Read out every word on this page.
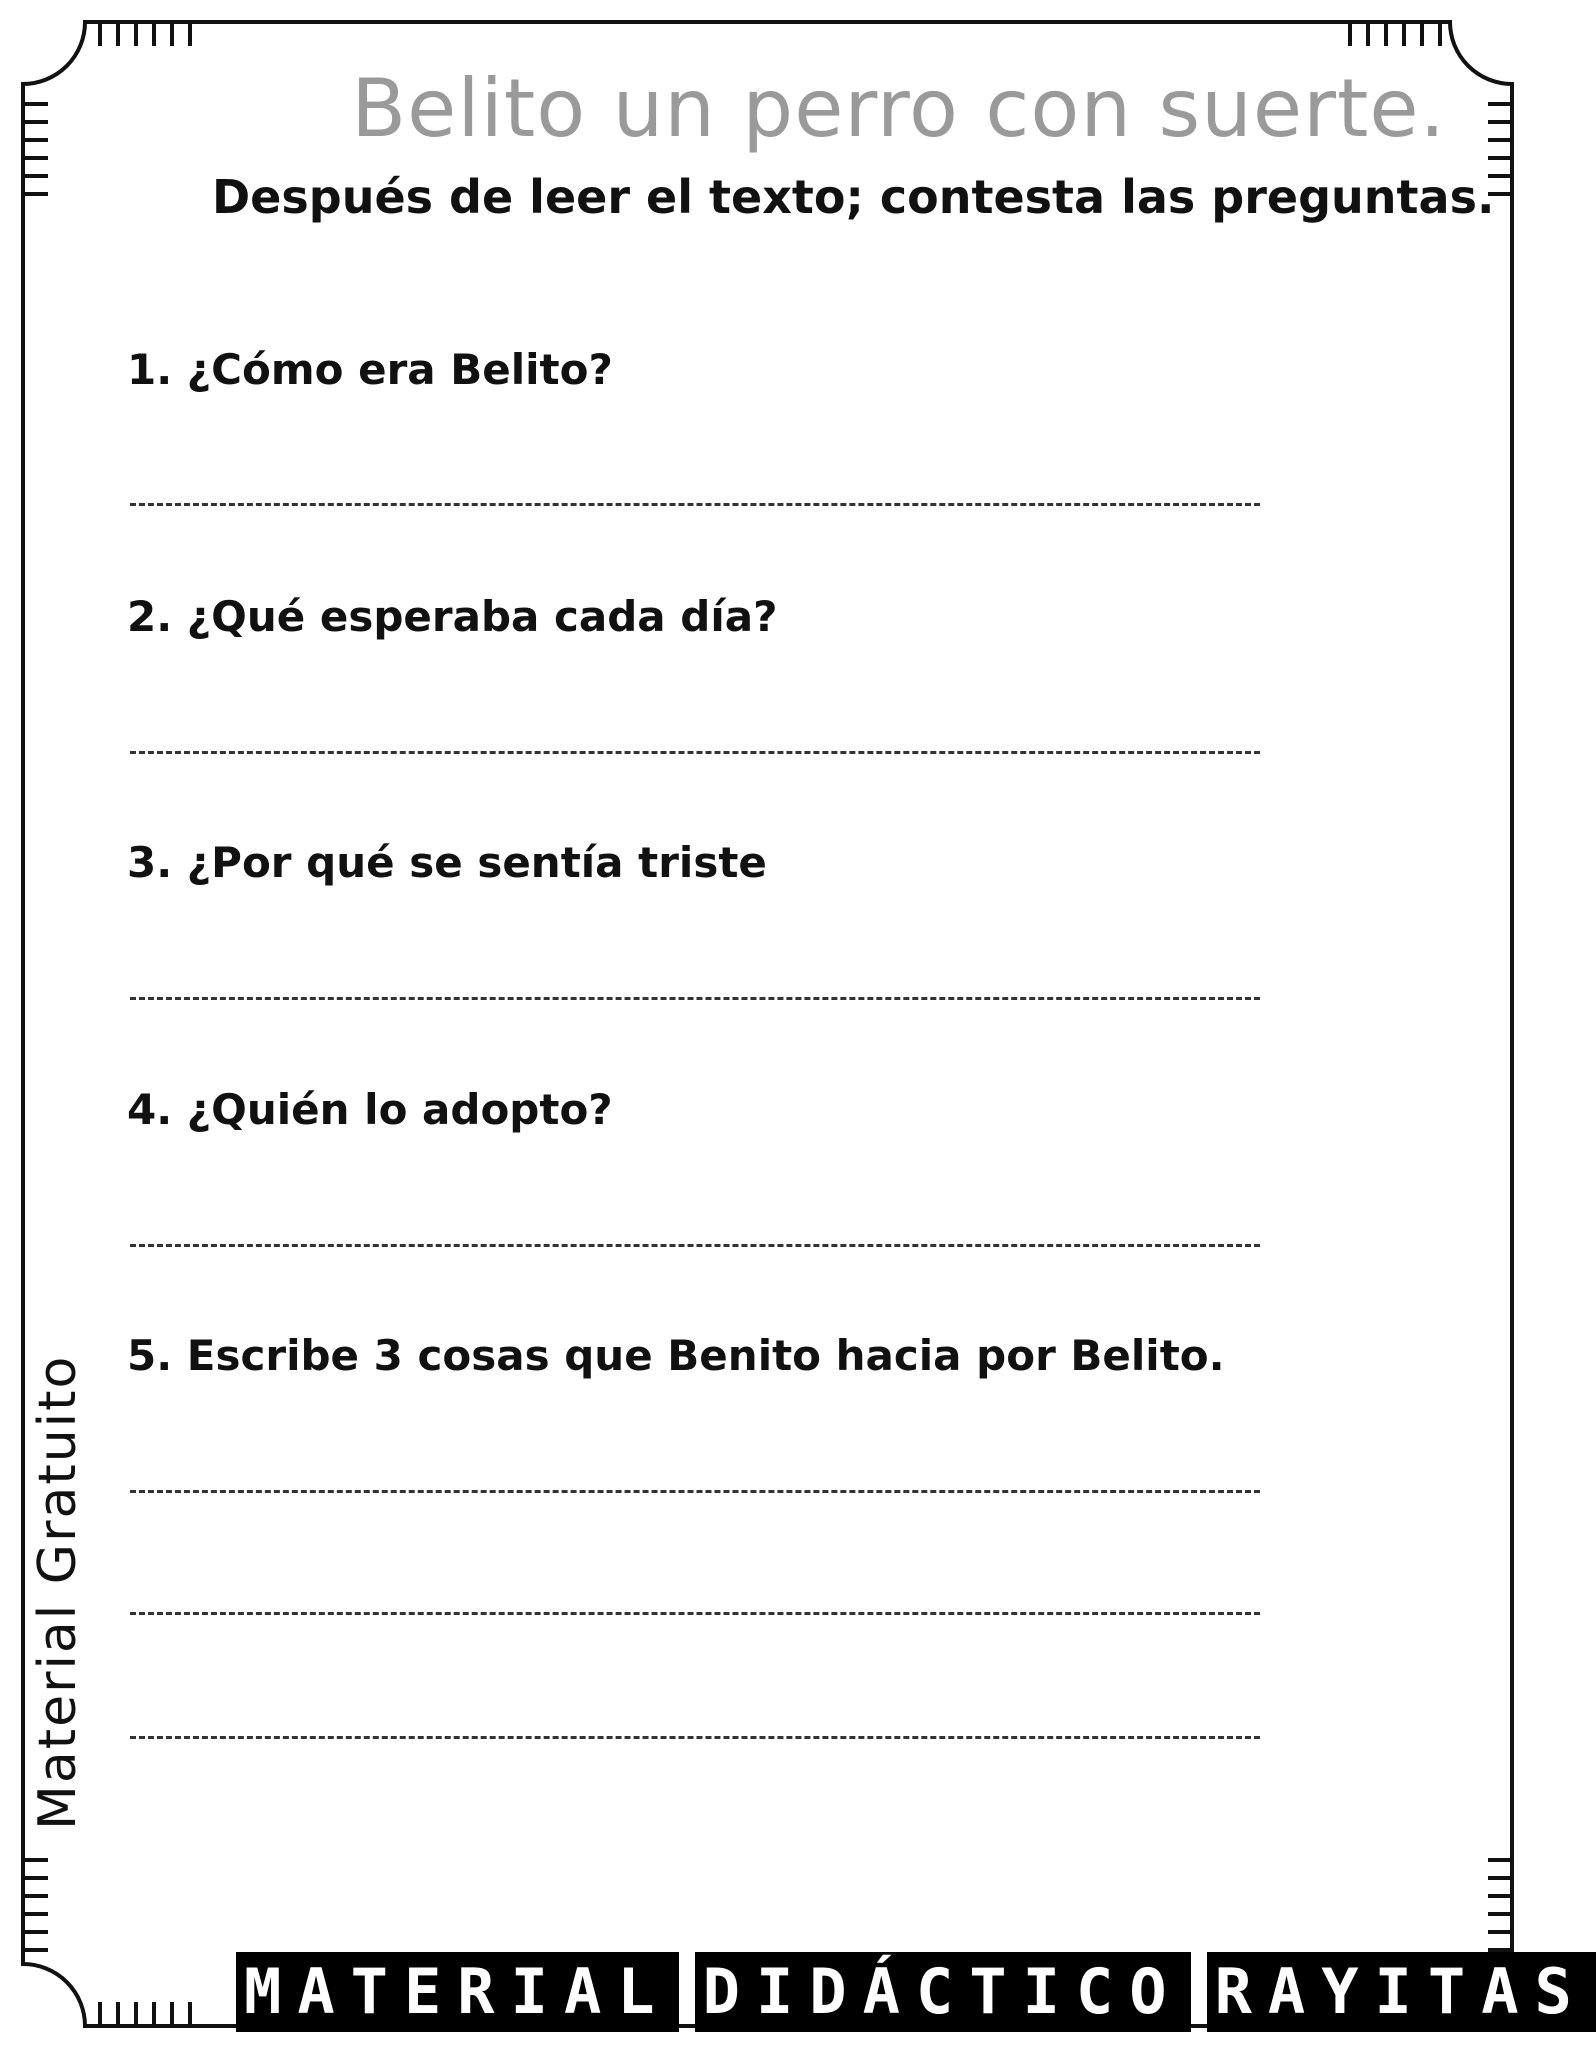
Belito un perro con suerte.
Después de leer el texto; contesta las preguntas.
1. ¿Cómo era Belito?
2. ¿Qué esperaba cada día?
3. ¿Por qué se sentía triste
4. ¿Quién lo adopto?
5. Escribe 3 cosas que Benito hacia por Belito.
Material Gratuito
MATERIAL DIDÁCTICO RAYITAS
